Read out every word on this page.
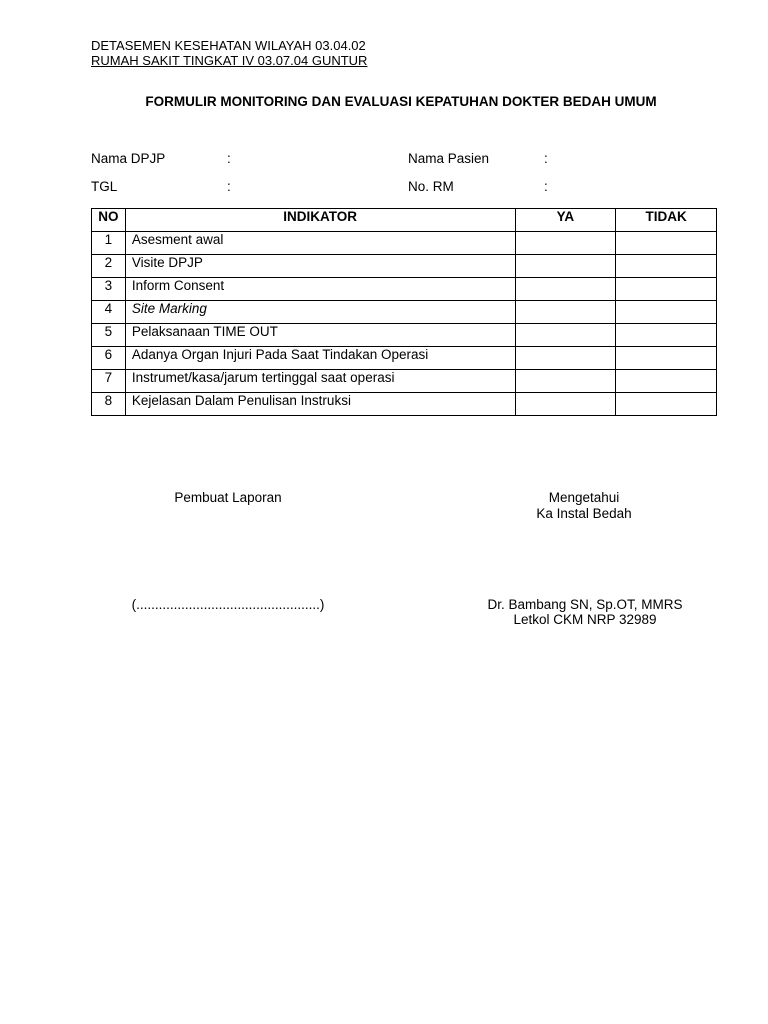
DETASEMEN KESEHATAN WILAYAH 03.04.02
RUMAH SAKIT TINGKAT IV 03.07.04 GUNTUR
FORMULIR MONITORING DAN EVALUASI KEPATUHAN DOKTER BEDAH UMUM
Nama DPJP	:	Nama Pasien	:
TGL	:	No. RM	:
NO	INDIKATOR	YA	TIDAK
1	Asesment awal		
2	Visite DPJP		
3	Inform Consent		
4	Site Marking		
5	Pelaksanaan TIME OUT		
6	Adanya Organ Injuri Pada Saat Tindakan Operasi		
7	Instrumet/kasa/jarum tertinggal saat operasi		
8	Kejelasan Dalam Penulisan Instruksi		
Pembuat Laporan	Mengetahui
Ka Instal Bedah
(.................................................)	Dr. Bambang SN, Sp.OT, MMRS
Letkol CKM NRP 32989
